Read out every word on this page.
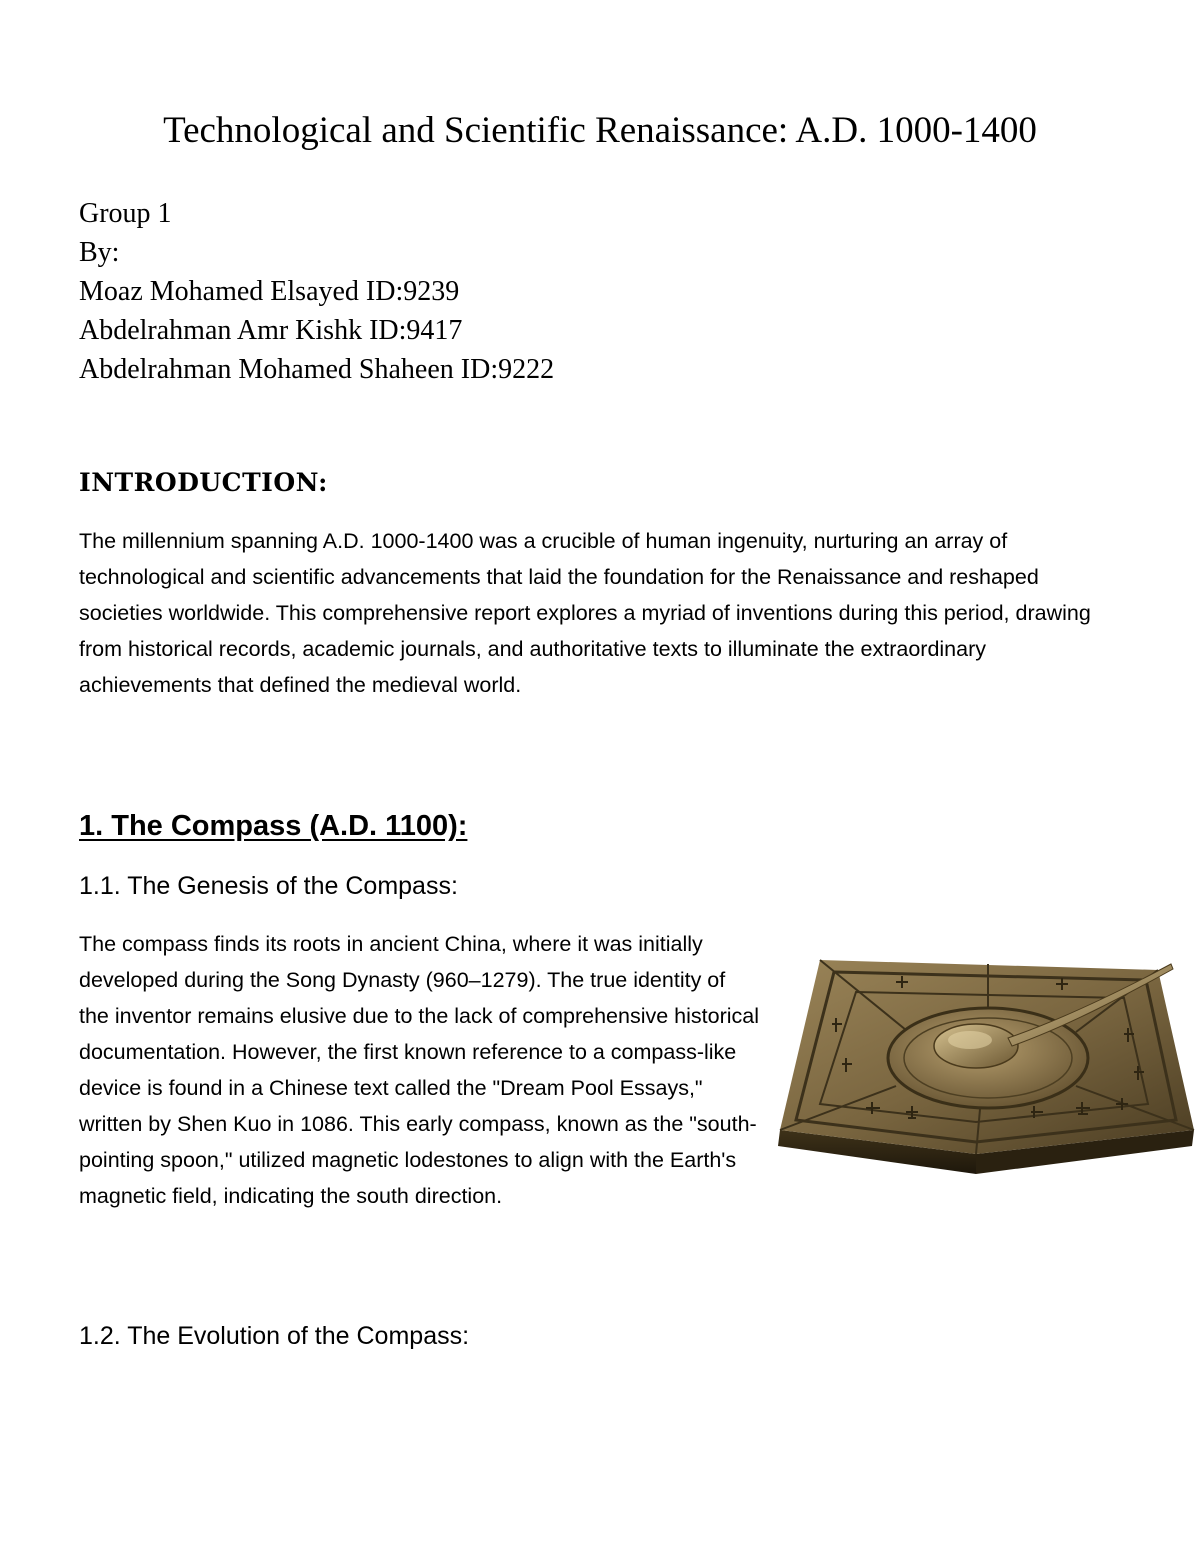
Technological and Scientific Renaissance: A.D. 1000-1400
Group 1
By:
Moaz Mohamed Elsayed ID:9239
Abdelrahman Amr Kishk ID:9417
Abdelrahman Mohamed Shaheen ID:9222
INTRODUCTION:

The millennium spanning A.D. 1000-1400 was a crucible of human ingenuity, nurturing an array of technological and scientific advancements that laid the foundation for the Renaissance and reshaped societies worldwide. This comprehensive report explores a myriad of inventions during this period, drawing from historical records, academic journals, and authoritative texts to illuminate the extraordinary achievements that defined the medieval world.

1. The Compass (A.D. 1100):
1.1. The Genesis of the Compass:

The compass finds its roots in ancient China, where it was initially developed during the Song Dynasty (960–1279). The true identity of the inventor remains elusive due to the lack of comprehensive historical documentation. However, the first known reference to a compass-like device is found in a Chinese text called the "Dream Pool Essays," written by Shen Kuo in 1086. This early compass, known as the "south-pointing spoon," utilized magnetic lodestones to align with the Earth's magnetic field, indicating the south direction.

1.2. The Evolution of the Compass:
